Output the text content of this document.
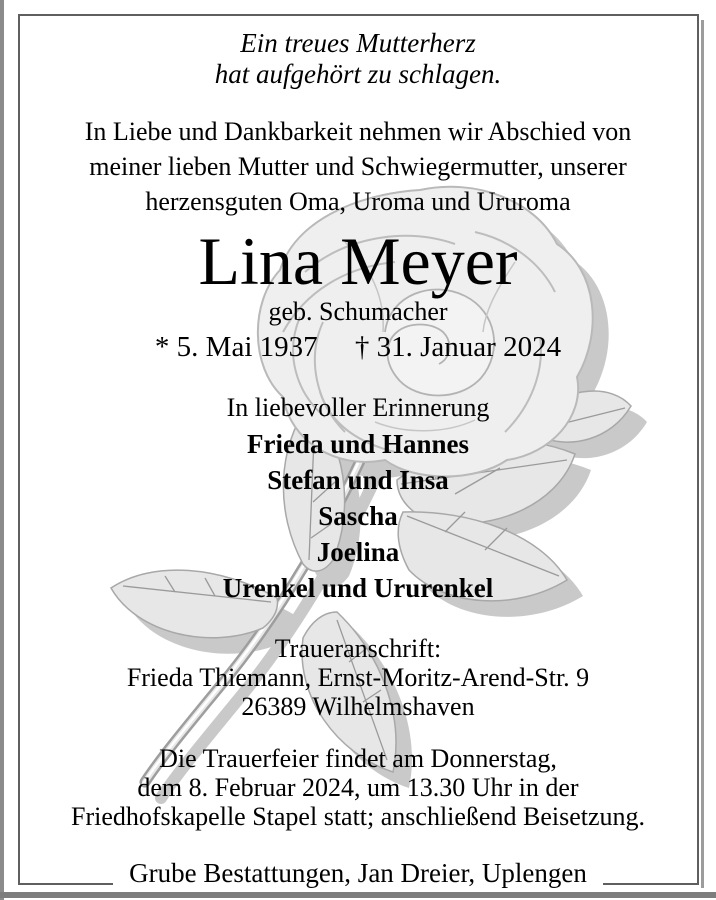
Ein treues Mutterherz
hat aufgehört zu schlagen.
In Liebe und Dankbarkeit nehmen wir Abschied von
meiner lieben Mutter und Schwiegermutter, unserer
herzensguten Oma, Uroma und Ururoma
Lina Meyer
geb. Schumacher
* 5. Mai 1937 † 31. Januar 2024
In liebevoller Erinnerung
Frieda und Hannes
Stefan und Insa
Sascha
Joelina
Urenkel und Ururenkel
Traueranschrift:
Frieda Thiemann, Ernst-Moritz-Arend-Str. 9
26389 Wilhelmshaven
Die Trauerfeier findet am Donnerstag,
dem 8. Februar 2024, um 13.30 Uhr in der
Friedhofskapelle Stapel statt; anschließend Beisetzung.
Grube Bestattungen, Jan Dreier, Uplengen
